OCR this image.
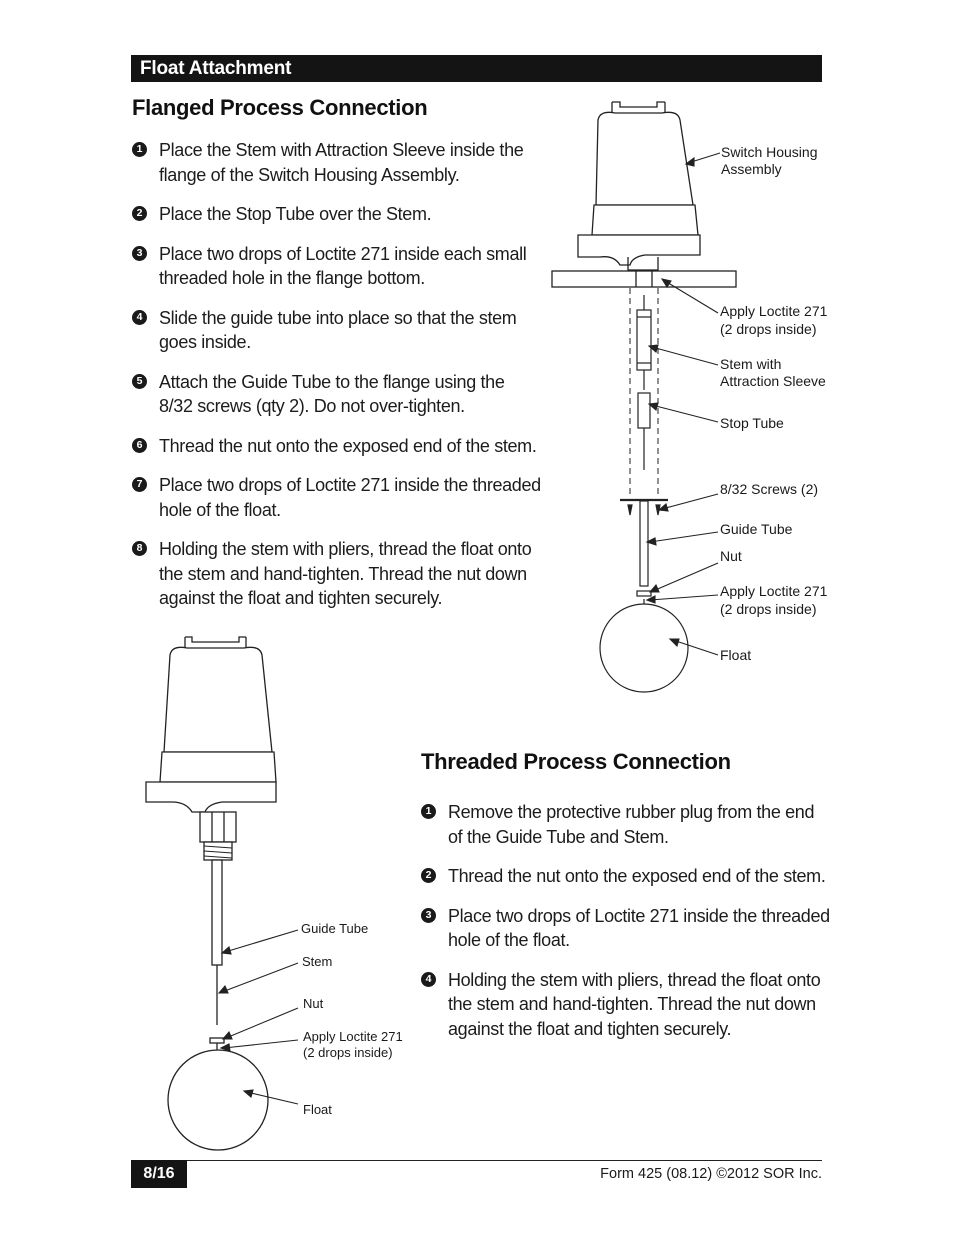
Float Attachment
Flanged Process Connection
1 Place the Stem with Attraction Sleeve inside the flange of the Switch Housing Assembly.
2 Place the Stop Tube over the Stem.
3 Place two drops of Loctite 271 inside each small threaded hole in the flange bottom.
4 Slide the guide tube into place so that the stem goes inside.
5 Attach the Guide Tube to the flange using the 8/32 screws (qty 2). Do not over-tighten.
6 Thread the nut onto the exposed end of the stem.
7 Place two drops of Loctite 271 inside the threaded hole of the float.
8 Holding the stem with pliers, thread the float onto the stem and hand-tighten. Thread the nut down against the float and tighten securely.
Switch Housing
Assembly
Apply Loctite 271
(2 drops inside)
Stem with
Attraction Sleeve
Stop Tube
8/32 Screws (2)
Guide Tube
Nut
Apply Loctite 271
(2 drops inside)
Float
Guide Tube
Stem
Nut
Apply Loctite 271
(2 drops inside)
Float
Threaded Process Connection
1 Remove the protective rubber plug from the end of the Guide Tube and Stem.
2 Thread the nut onto the exposed end of the stem.
3 Place two drops of Loctite 271 inside the threaded hole of the float.
4 Holding the stem with pliers, thread the float onto the stem and hand-tighten. Thread the nut down against the float and tighten securely.
8/16	Form 425 (08.12) ©2012 SOR Inc.
